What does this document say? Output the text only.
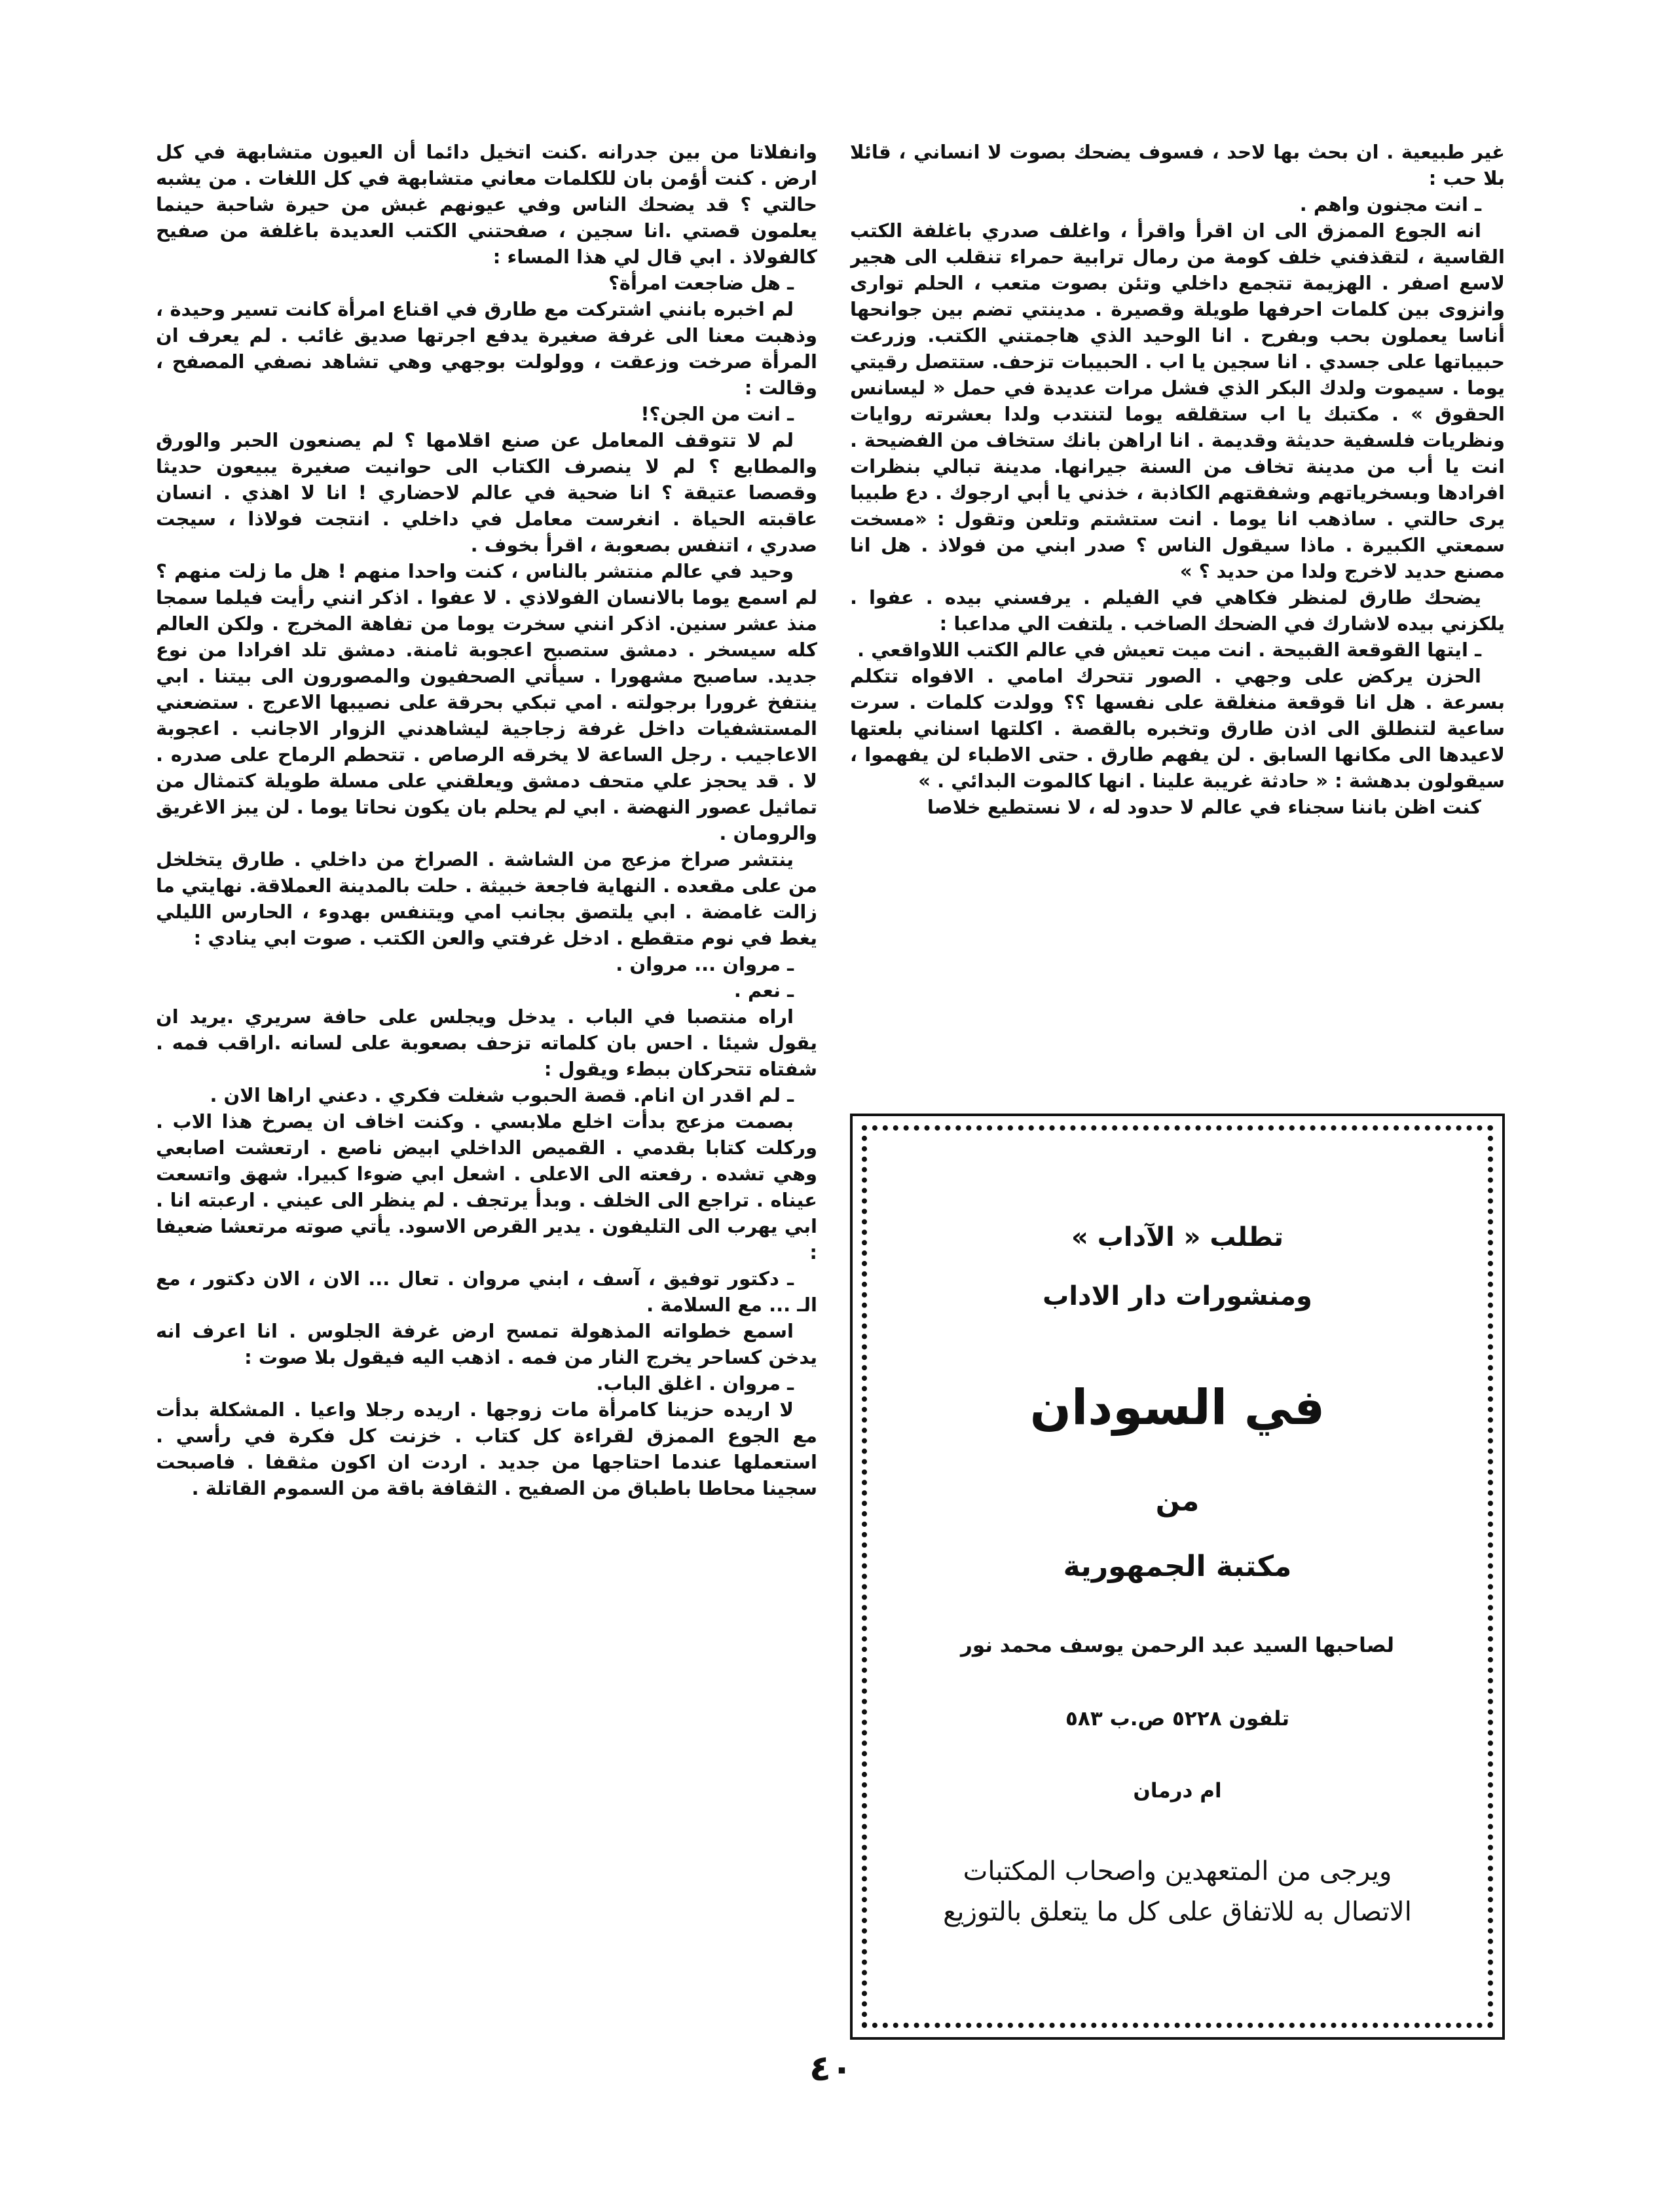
غير طبيعية . ان بحث بها لاحد ، فسوف يضحك بصوت لا انساني ، قائلا بلا حب :

ـ انت مجنون واهم .

انه الجوع الممزق الى ان اقرأ واقرأ ، واغلف صدري باغلفة الكتب القاسية ، لتقذفني خلف كومة من رمال ترابية حمراء تنقلب الى هجير لاسع اصفر . الهزيمة تتجمع داخلي وتئن بصوت متعب ، الحلم توارى وانزوى بين كلمات احرفها طويلة وقصيرة . مدينتي تضم بين جوانحها أناسا يعملون بحب وبفرح . انا الوحيد الذي هاجمتني الكتب. وزرعت حبيباتها على جسدي . انا سجين يا اب . الحبيبات تزحف. ستتصل رقيتي يوما . سيموت ولدك البكر الذي فشل مرات عديدة في حمل « ليسانس الحقوق » . مكتبك يا اب ستقلقه يوما لتنتدب ولدا بعشرته روايات ونظريات فلسفية حديثة وقديمة . انا اراهن بانك ستخاف من الفضيحة . انت يا أب من مدينة تخاف من السنة جيرانها. مدينة تبالي بنظرات افرادها وبسخرياتهم وشفقتهم الكاذبة ، خذني يا أبي ارجوك . دع طبيبا يرى حالتي . ساذهب انا يوما . انت ستشتم وتلعن وتقول : «مسخت سمعتي الكبيرة . ماذا سيقول الناس ؟ صدر ابني من فولاذ . هل انا مصنع حديد لاخرج ولدا من حديد ؟ »

يضحك طارق لمنظر فكاهي في الفيلم . يرفسني بيده . عفوا . يلكزني بيده لاشارك في الضحك الصاخب . يلتفت الي مداعبا :

ـ ايتها القوقعة القبيحة . انت ميت تعيش في عالم الكتب اللاواقعي .

الحزن يركض على وجهي . الصور تتحرك امامي . الافواه تتكلم بسرعة . هل انا قوقعة منغلقة على نفسها ؟؟ وولدت كلمات . سرت ساعية لتنطلق الى اذن طارق وتخبره بالقصة . اكلتها اسناني بلعتها لاعيدها الى مكانها السابق . لن يفهم طارق . حتى الاطباء لن يفهموا ، سيقولون بدهشة : « حادثة غريبة علينا . انها كالموت البدائي . »

كنت اظن باننا سجناء في عالم لا حدود له ، لا نستطيع خلاصا

تطلب « الآداب »
ومنشورات دار الاداب
في السودان
من
مكتبة الجمهورية
لصاحبها السيد عبد الرحمن يوسف محمد نور
تلفون ٥٢٢٨ ص.ب ٥٨٣
ام درمان
ويرجى من المتعهدين واصحاب المكتبات
الاتصال به للاتفاق على كل ما يتعلق بالتوزيع

وانفلاتا من بين جدرانه .كنت اتخيل دائما أن العيون متشابهة في كل ارض . كنت أؤمن بان للكلمات معاني متشابهة في كل اللغات . من يشبه حالتي ؟ قد يضحك الناس وفي عيونهم غبش من حيرة شاحبة حينما يعلمون قصتي .انا سجين ، صفحتني الكتب العديدة باغلفة من صفيح كالفولاذ . ابي قال لي هذا المساء :

ـ هل ضاجعت امرأة؟

لم اخبره بانني اشتركت مع طارق في اقناع امرأة كانت تسير وحيدة ، وذهبت معنا الى غرفة صغيرة يدفع اجرتها صديق غائب . لم يعرف ان المرأة صرخت وزعقت ، وولولت بوجهي وهي تشاهد نصفي المصفح ، وقالت :

ـ انت من الجن؟!

لم لا تتوقف المعامل عن صنع اقلامها ؟ لم يصنعون الحبر والورق والمطابع ؟ لم لا ينصرف الكتاب الى حوانيت صغيرة يبيعون حديثا وقصصا عتيقة ؟ انا ضحية في عالم لاحضاري ! انا لا اهذي . انسان عاقبته الحياة . انغرست معامل في داخلي . انتجت فولاذا ، سيجت صدري ، اتنفس بصعوبة ، اقرأ بخوف .

وحيد في عالم منتشر بالناس ، كنت واحدا منهم ! هل ما زلت منهم ؟ لم اسمع يوما بالانسان الفولاذي . لا عفوا . اذكر انني رأيت فيلما سمجا منذ عشر سنين. اذكر انني سخرت يوما من تفاهة المخرج . ولكن العالم كله سيسخر . دمشق ستصبح اعجوبة ثامنة. دمشق تلد افرادا من نوع جديد. ساصبح مشهورا . سيأتي الصحفيون والمصورون الى بيتنا . ابي ينتفخ غرورا برجولته . امي تبكي بحرقة على نصيبها الاعرج . ستضعني المستشفيات داخل غرفة زجاجية ليشاهدني الزوار الاجانب . اعجوبة الاعاجيب . رجل الساعة لا يخرقه الرصاص . تتحطم الرماح على صدره . لا . قد يحجز علي متحف دمشق ويعلقني على مسلة طويلة كتمثال من تماثيل عصور النهضة . ابي لم يحلم بان يكون نحاتا يوما . لن يبز الاغريق والرومان .

ينتشر صراخ مزعج من الشاشة . الصراخ من داخلي . طارق يتخلخل من على مقعده . النهاية فاجعة خبيثة . حلت بالمدينة العملاقة. نهايتي ما زالت غامضة . ابي يلتصق بجانب امي ويتنفس بهدوء ، الحارس الليلي يغط في نوم متقطع . ادخل غرفتي والعن الكتب . صوت ابي ينادي :

ـ مروان ... مروان .

ـ نعم .

اراه منتصبا في الباب . يدخل ويجلس على حافة سريري .يريد ان يقول شيئا . احس بان كلماته تزحف بصعوبة على لسانه .اراقب فمه . شفتاه تتحركان ببطء ويقول :

ـ لم اقدر ان انام. قصة الحبوب شغلت فكري . دعني اراها الان .

بصمت مزعج بدأت اخلع ملابسي . وكنت اخاف ان يصرخ هذا الاب . وركلت كتابا بقدمي . القميص الداخلي ابيض ناصع . ارتعشت اصابعي وهي تشده . رفعته الى الاعلى . اشعل ابي ضوءا كبيرا. شهق واتسعت عيناه . تراجع الى الخلف . وبدأ يرتجف . لم ينظر الى عيني . ارعبته انا . ابي يهرب الى التليفون . يدير القرص الاسود. يأتي صوته مرتعشا ضعيفا :

ـ دكتور توفيق ، آسف ، ابني مروان . تعال ... الان ، الان دكتور ، مع الـ ... مع السلامة .

اسمع خطواته المذهولة تمسح ارض غرفة الجلوس . انا اعرف انه يدخن كساحر يخرج النار من فمه . اذهب اليه فيقول بلا صوت :

ـ مروان . اغلق الباب.

لا اريده حزينا كامرأة مات زوجها . اريده رجلا واعيا . المشكلة بدأت مع الجوع الممزق لقراءة كل كتاب . خزنت كل فكرة في رأسي . استعملها عندما احتاجها من جديد . اردت ان اكون مثقفا . فاصبحت سجينا محاطا باطباق من الصفيح . الثقافة باقة من السموم القاتلة .

٤٠
